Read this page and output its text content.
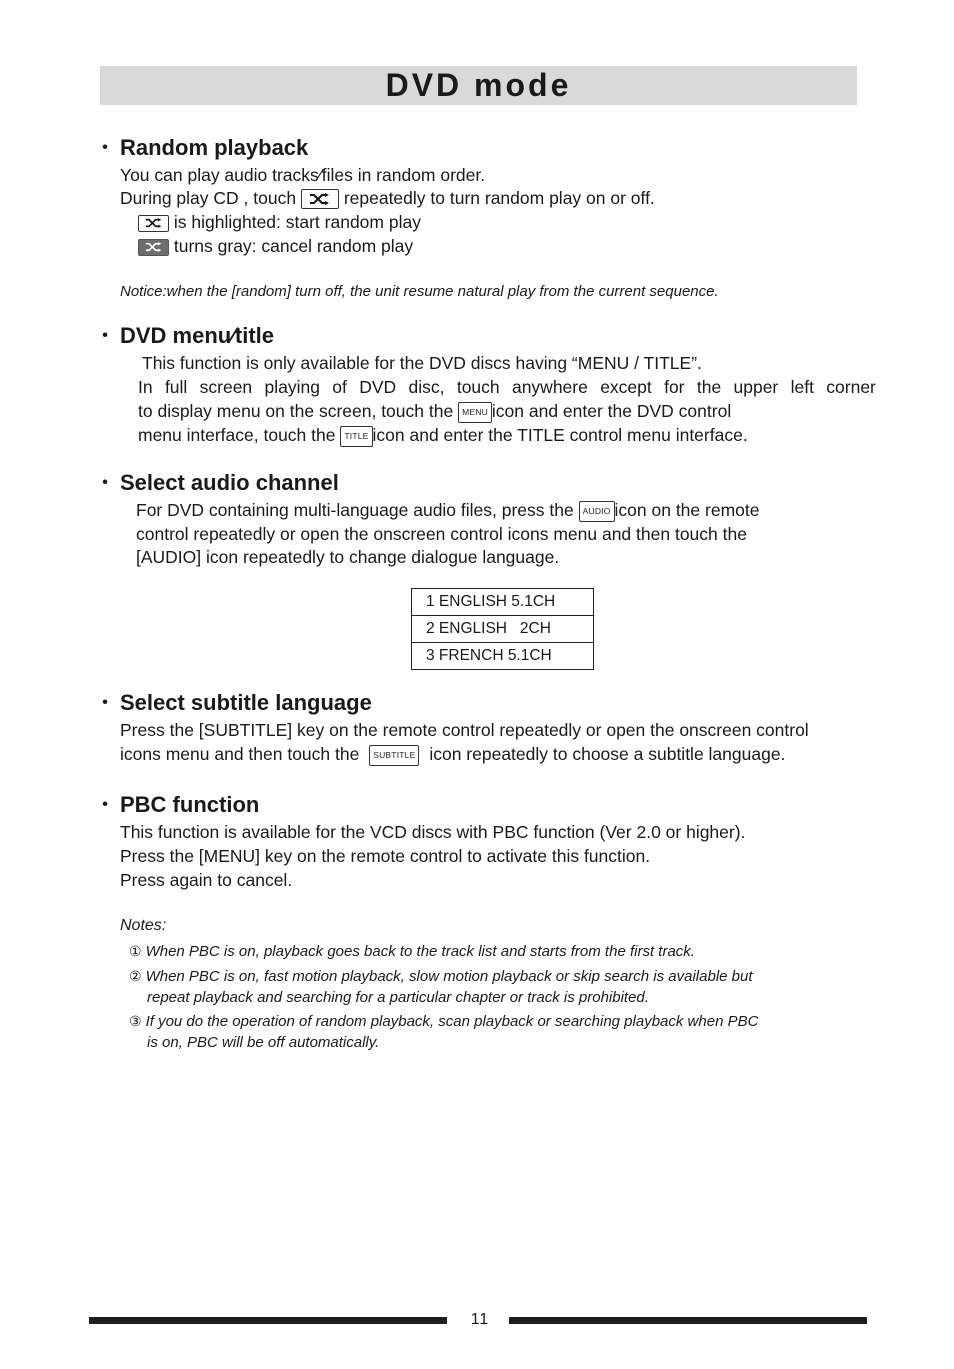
DVD mode
• Random playback
You can play audio tracks⁄files in random order.
During play CD , touch	repeatedly to turn random play on or off.
is highlighted: start random play
turns gray: cancel random play
Notice:when the [random] turn off, the unit resume natural play from the current sequence.
• DVD menu⁄title
This function is only available for the DVD discs having “MENU / TITLE”.
In full screen playing of DVD disc, touch anywhere except for the upper left corner
to display menu on the screen, touch the MENU icon and enter the DVD control
menu interface, touch the TITLE icon and enter the TITLE control menu interface.
• Select audio channel
For DVD containing multi-language audio files, press the AUDIO icon on the remote
control repeatedly or open the onscreen control icons menu and then touch the
[AUDIO] icon repeatedly to change dialogue language.
1 ENGLISH 5.1CH
2 ENGLISH   2CH
3 FRENCH 5.1CH
• Select subtitle language
Press the [SUBTITLE] key on the remote control repeatedly or open the onscreen control
icons menu and then touch the SUBTITLE icon repeatedly to choose a subtitle language.
• PBC function
This function is available for the VCD discs with PBC function (Ver 2.0 or higher).
Press the [MENU] key on the remote control to activate this function.
Press again to cancel.
Notes:
① When PBC is on, playback goes back to the track list and starts from the first track.
② When PBC is on, fast motion playback, slow motion playback or skip search is available but
repeat playback and searching for a particular chapter or track is prohibited.
③ If you do the operation of random playback, scan playback or searching playback when PBC
is on, PBC will be off automatically.
11
